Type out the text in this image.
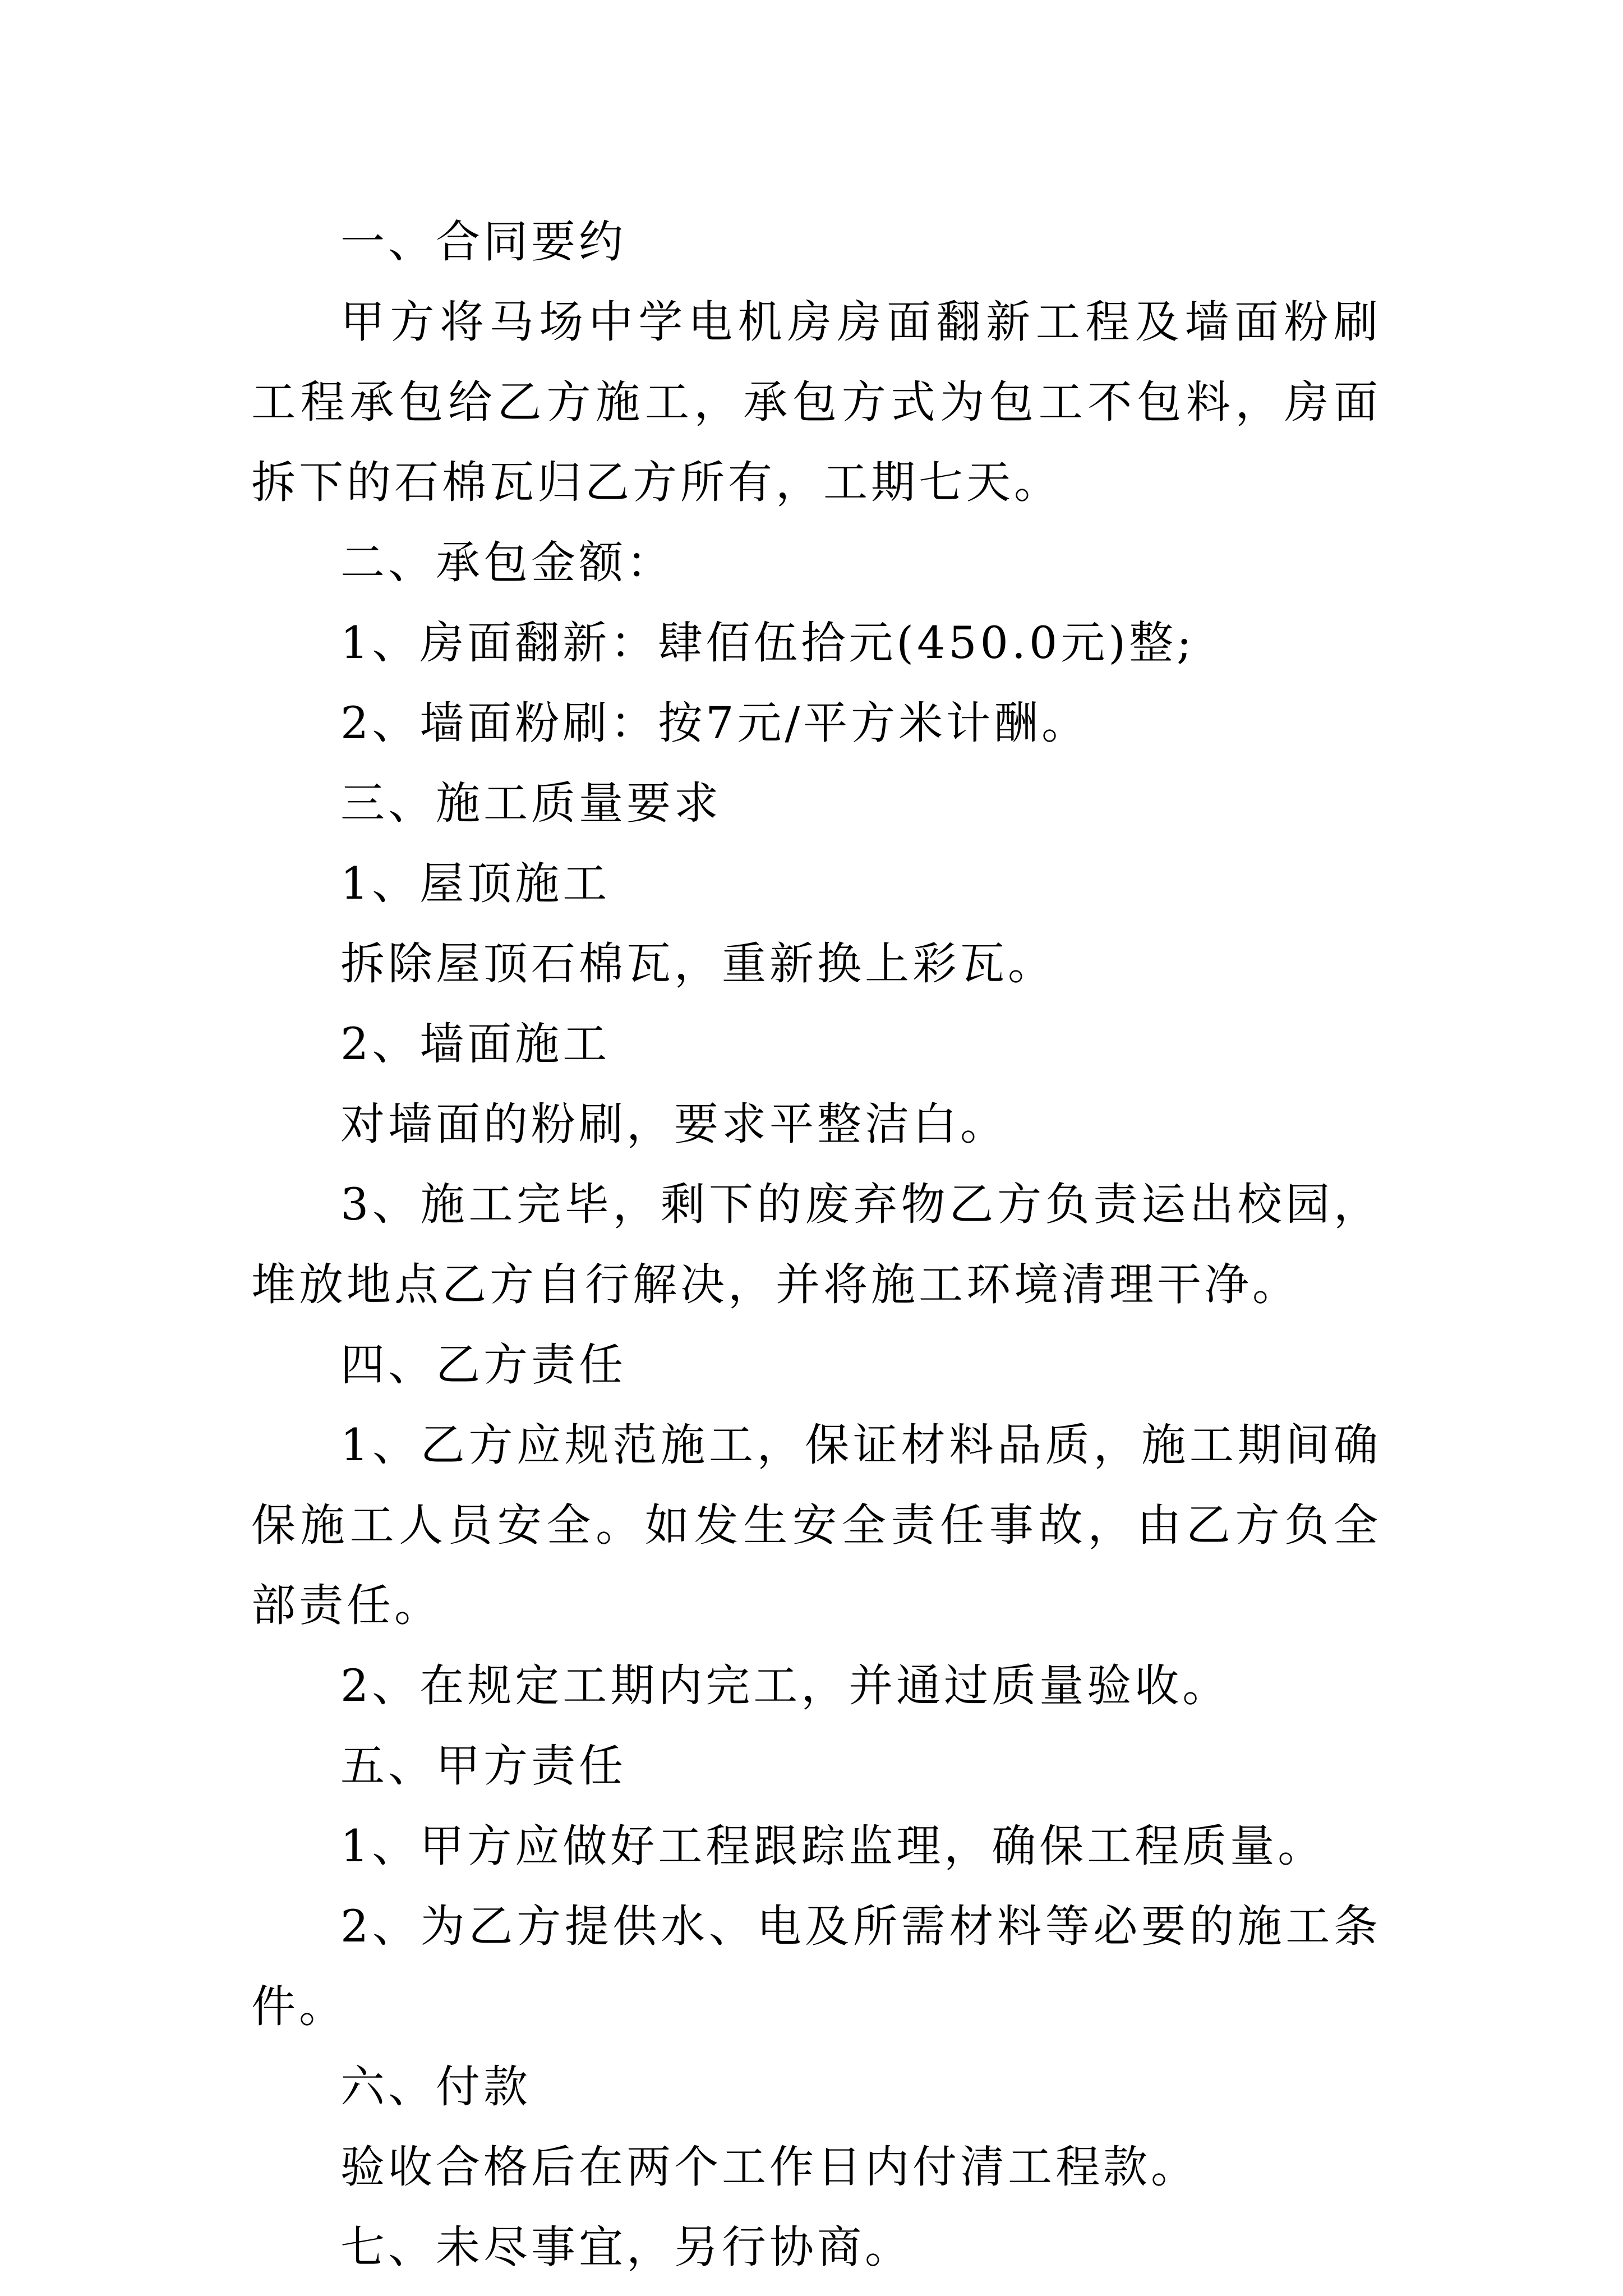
一、合同要约

甲方将马场中学电机房房面翻新工程及墙面粉刷工程承包给乙方施工，承包方式为包工不包料，房面拆下的石棉瓦归乙方所有，工期七天。

二、承包金额：

1、房面翻新：肆佰伍拾元(450.0元)整;

2、墙面粉刷：按7元/平方米计酬。

三、施工质量要求

1、屋顶施工

拆除屋顶石棉瓦，重新换上彩瓦。

2、墙面施工

对墙面的粉刷，要求平整洁白。

3、施工完毕，剩下的废弃物乙方负责运出校园，堆放地点乙方自行解决，并将施工环境清理干净。

四、乙方责任

1、乙方应规范施工，保证材料品质，施工期间确保施工人员安全。如发生安全责任事故，由乙方负全部责任。

2、在规定工期内完工，并通过质量验收。

五、甲方责任

1、甲方应做好工程跟踪监理，确保工程质量。

2、为乙方提供水、电及所需材料等必要的施工条件。

六、付款

验收合格后在两个工作日内付清工程款。

七、未尽事宜，另行协商。
